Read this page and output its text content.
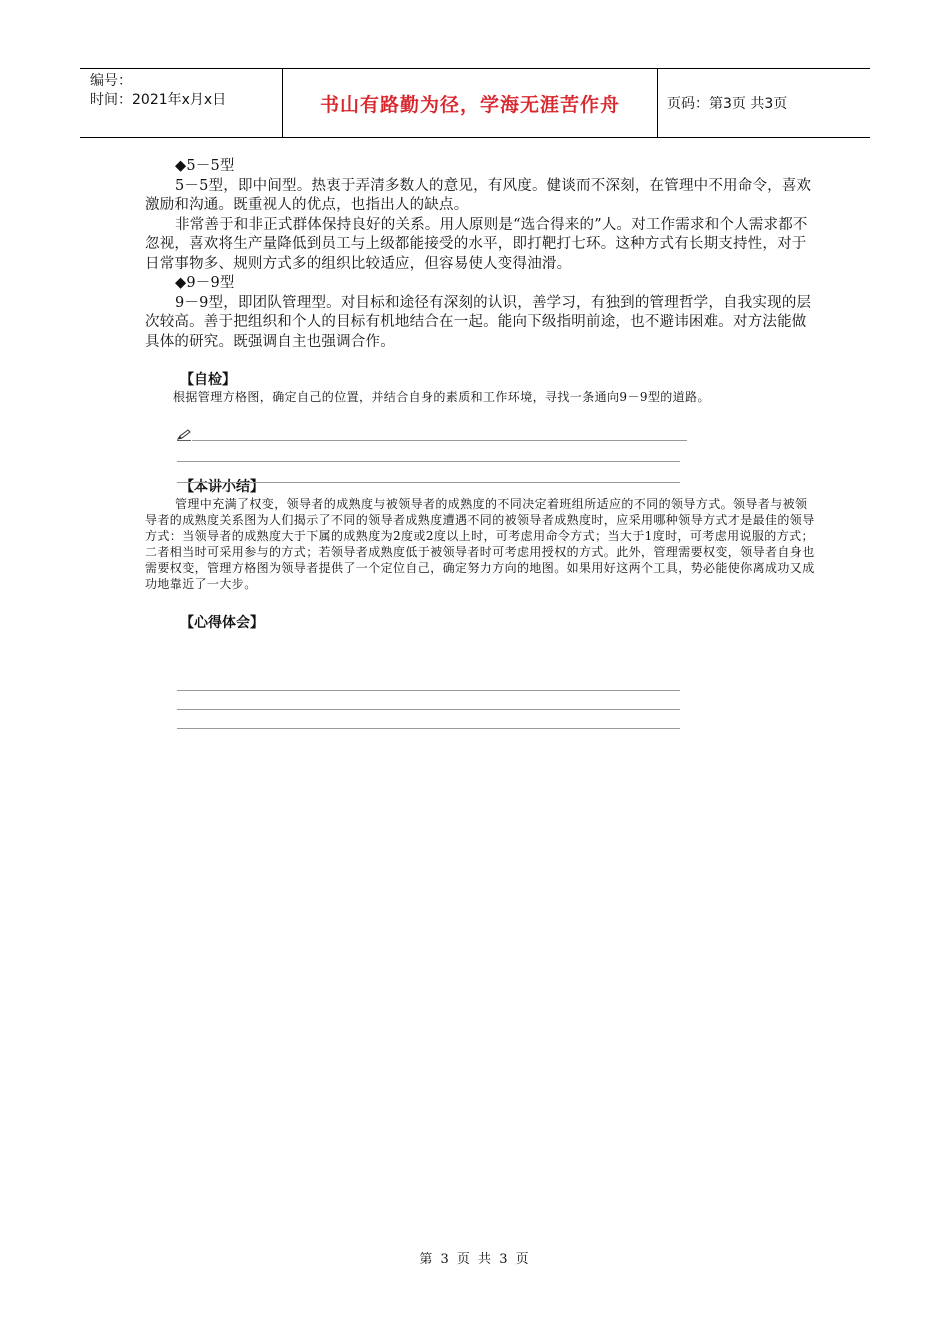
编号：
时间：2021年x月x日	书山有路勤为径，学海无涯苦作舟	页码：第3页 共3页

◆5－5型

5－5型，即中间型。热衷于弄清多数人的意见，有风度。健谈而不深刻，在管理中不用命令，喜欢激励和沟通。既重视人的优点，也指出人的缺点。

非常善于和非正式群体保持良好的关系。用人原则是“选合得来的”人。对工作需求和个人需求都不忽视，喜欢将生产量降低到员工与上级都能接受的水平，即打靶打七环。这种方式有长期支持性，对于日常事物多、规则方式多的组织比较适应，但容易使人变得油滑。

◆9－9型

9－9型，即团队管理型。对目标和途径有深刻的认识，善学习，有独到的管理哲学，自我实现的层次较高。善于把组织和个人的目标有机地结合在一起。能向下级指明前途，也不避讳困难。对方法能做具体的研究。既强调自主也强调合作。

【自检】

根据管理方格图，确定自己的位置，并结合自身的素质和工作环境，寻找一条通向9－9型的道路。

【本讲小结】

管理中充满了权变，领导者的成熟度与被领导者的成熟度的不同决定着班组所适应的不同的领导方式。领导者与被领导者的成熟度关系图为人们揭示了不同的领导者成熟度遭遇不同的被领导者成熟度时，应采用哪种领导方式才是最佳的领导方式：当领导者的成熟度大于下属的成熟度为2度或2度以上时，可考虑用命令方式；当大于1度时，可考虑用说服的方式；二者相当时可采用参与的方式；若领导者成熟度低于被领导者时可考虑用授权的方式。此外，管理需要权变，领导者自身也需要权变，管理方格图为领导者提供了一个定位自己，确定努力方向的地图。如果用好这两个工具，势必能使你离成功又成功地靠近了一大步。

【心得体会】

第 3 页 共 3 页
